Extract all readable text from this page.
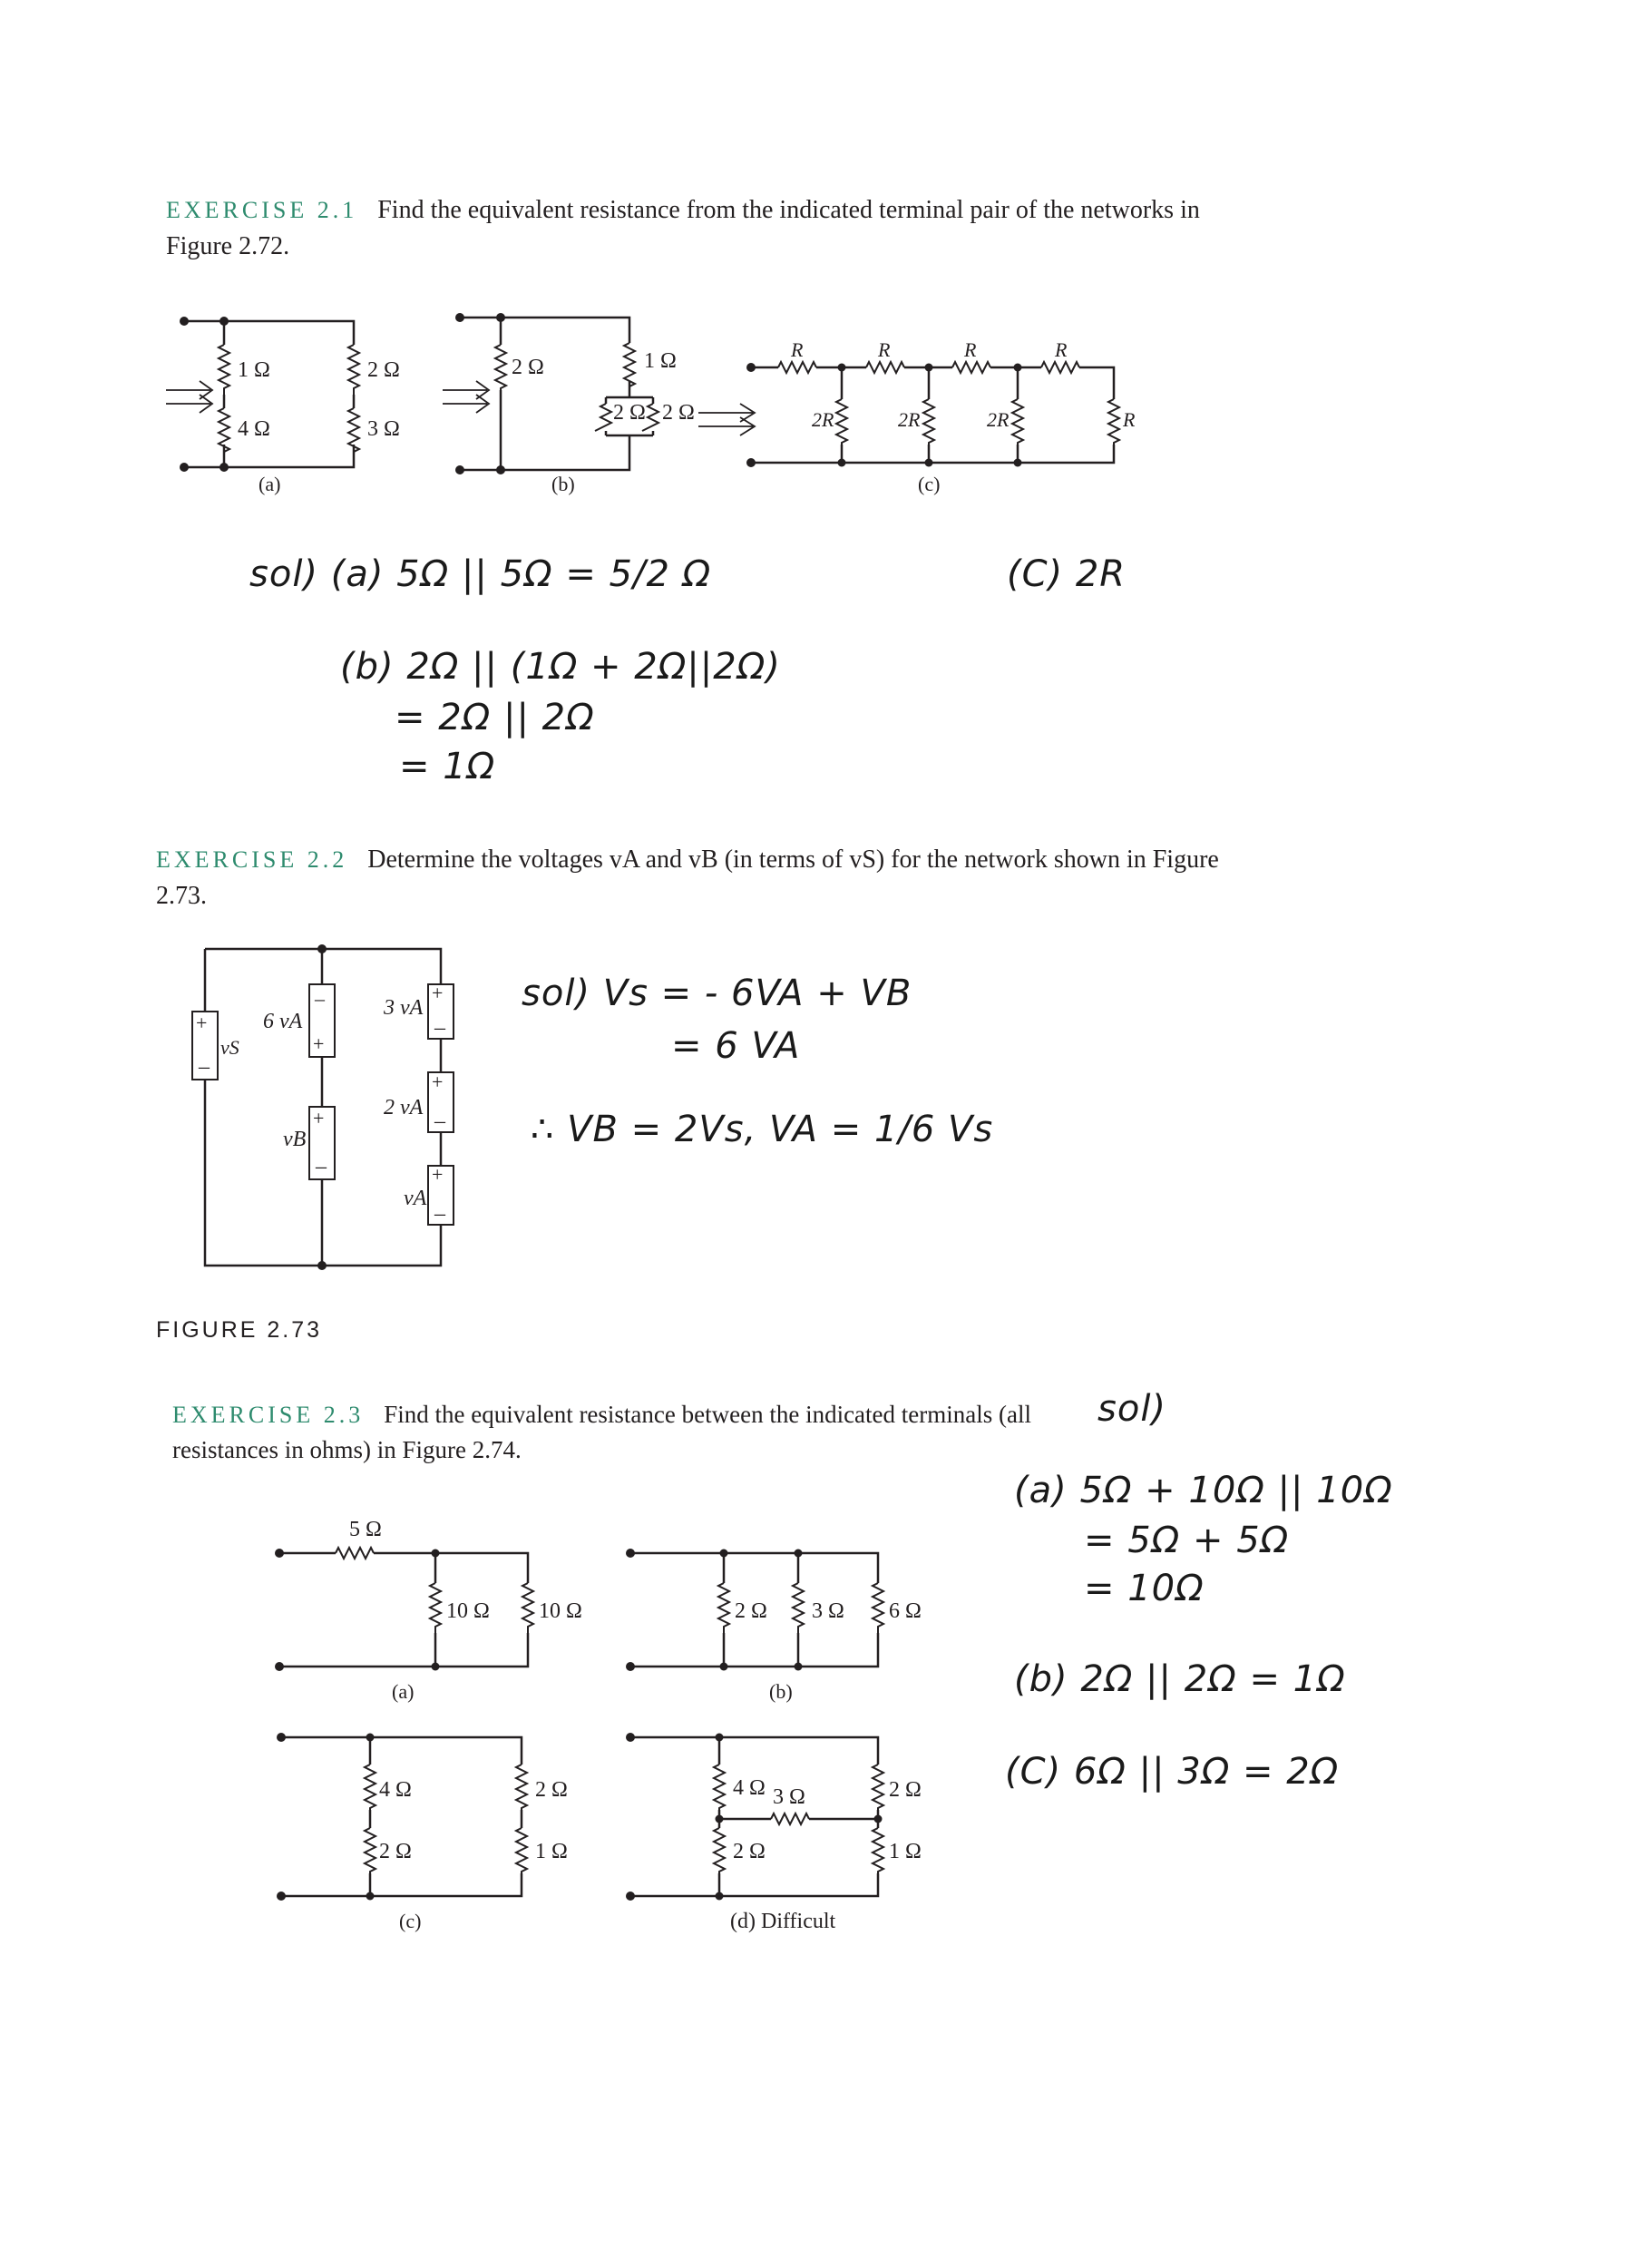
EXERCISE 2.1 Find the equivalent resistance from the indicated terminal pair of the networks in Figure 2.72.
1 Ω
4 Ω
2 Ω
3 Ω
(a)
2 Ω	1 Ω
2 Ω 2 Ω
(b)
R	R	R	R
2R	2R	2R	R
(c)
sol) (a) 5Ω || 5Ω = 5/2 Ω	(C) 2R
(b) 2Ω || (1Ω + 2Ω||2Ω)
= 2Ω || 2Ω
= 1Ω
EXERCISE 2.2 Determine the voltages vA and vB (in terms of vS) for the network shown in Figure 2.73.
+
–
–
+
+
–
+
–
+
–
+
–
vS
6 vA
3 vA
2 vA
vB
vA
sol) Vs = - 6VA + VB
= 6 VA
∴ VB = 2Vs, VA = 1/6 Vs
FIGURE 2.73
EXERCISE 2.3 Find the equivalent resistance between the indicated terminals (all resistances in ohms) in Figure 2.74.
5 Ω
10 Ω 10 Ω
(a)
2 Ω 3 Ω 6 Ω
(b)
4 Ω
2 Ω
2 Ω
1 Ω
(c)
4 Ω
2 Ω
3 Ω	2 Ω
1 Ω
(d) Difficult
sol)
(a) 5Ω + 10Ω || 10Ω
= 5Ω + 5Ω
= 10Ω
(b) 2Ω || 2Ω = 1Ω
(C) 6Ω || 3Ω = 2Ω
